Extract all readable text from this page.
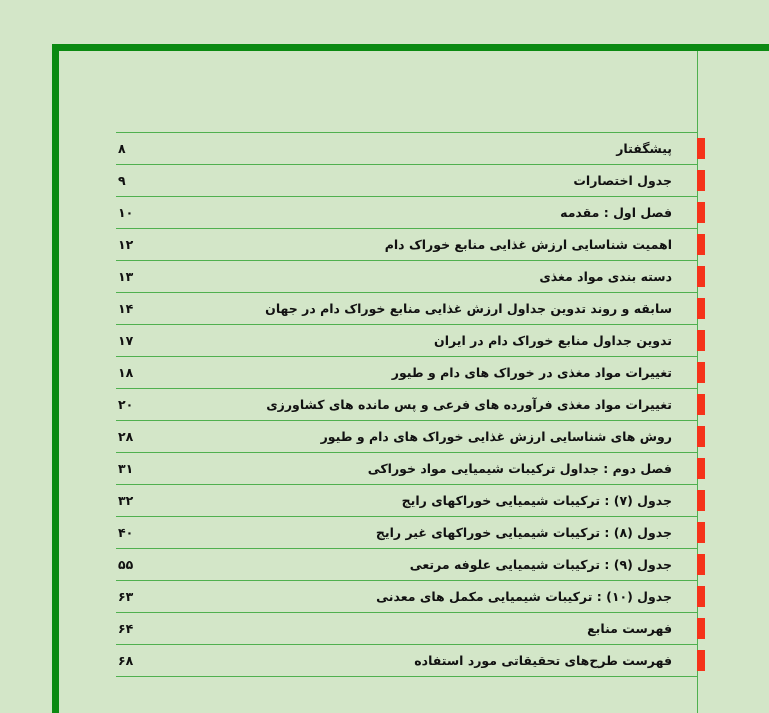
۸	پیشگفتار
۹	جدول اختصارات
۱۰	فصل اول : مقدمه
۱۲	اهمیت شناسایی ارزش غذایی منابع خوراک دام
۱۳	دسته بندی مواد مغذی
۱۴	سابقه و روند تدوین جداول ارزش غذایی منابع خوراک دام در جهان
۱۷	تدوین جداول منابع خوراک دام در ایران
۱۸	تغییرات مواد مغذی در خوراک های دام و طیور
۲۰	تغییرات مواد مغذی فرآورده های فرعی و پس مانده های کشاورزی
۲۸	روش های شناسایی ارزش غذایی خوراک های دام و طیور
۳۱	فصل دوم : جداول ترکیبات شیمیایی مواد خوراکی
۳۲	جدول (۷) : ترکیبات شیمیایی خوراکهای رایج
۴۰	جدول (۸) : ترکیبات شیمیایی خوراکهای غیر رایج
۵۵	جدول (۹) : ترکیبات شیمیایی علوفه مرتعی
۶۳	جدول (۱۰) : ترکیبات شیمیایی مکمل های معدنی
۶۴	فهرست منابع
۶۸	فهرست طرح‌های تحقیقاتی مورد استفاده
